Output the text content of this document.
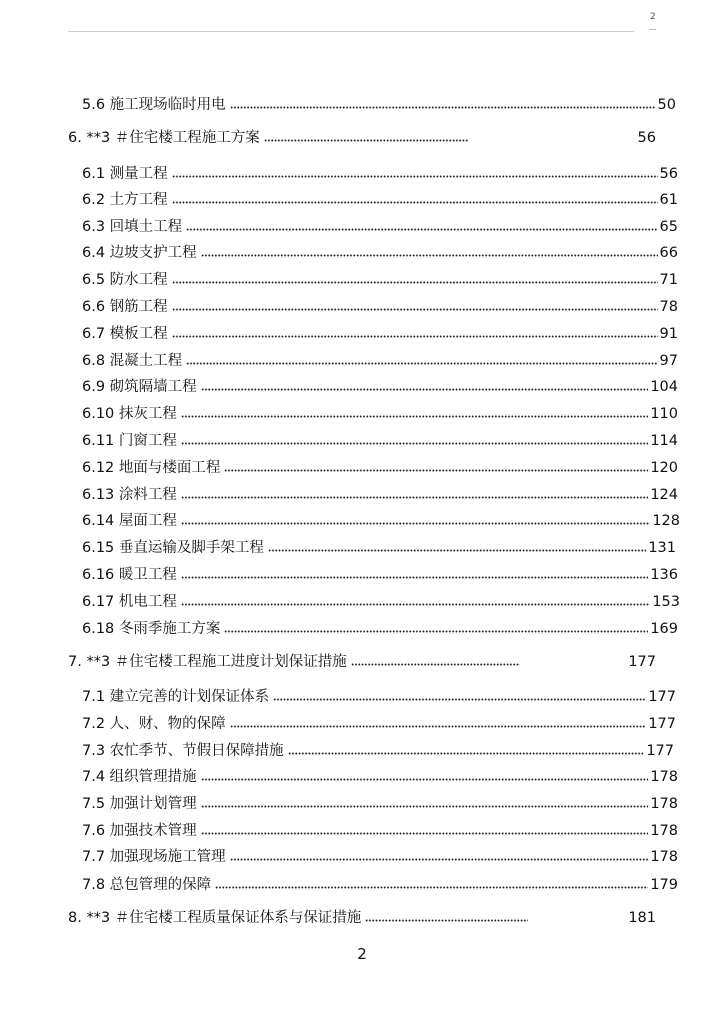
2
5.6 施工现场临时用电	50
6. **3 ＃住宅楼工程施工方案	56
6.1 测量工程	56
6.2 土方工程	61
6.3 回填土工程	65
6.4 边坡支护工程	66
6.5 防水工程	71
6.6 钢筋工程	78
6.7 模板工程	91
6.8 混凝土工程	97
6.9 砌筑隔墙工程	104
6.10 抹灰工程	110
6.11 门窗工程	114
6.12 地面与楼面工程	120
6.13 涂料工程	124
6.14 屋面工程	128
6.15 垂直运输及脚手架工程	131
6.16 暖卫工程	136
6.17 机电工程	153
6.18 冬雨季施工方案	169
7. **3 ＃住宅楼工程施工进度计划保证措施	177
7.1 建立完善的计划保证体系	177
7.2 人、财、物的保障	177
7.3 农忙季节、节假日保障措施	177
7.4 组织管理措施	178
7.5 加强计划管理	178
7.6 加强技术管理	178
7.7 加强现场施工管理	178
7.8 总包管理的保障	179
8. **3 ＃住宅楼工程质量保证体系与保证措施	181
2
